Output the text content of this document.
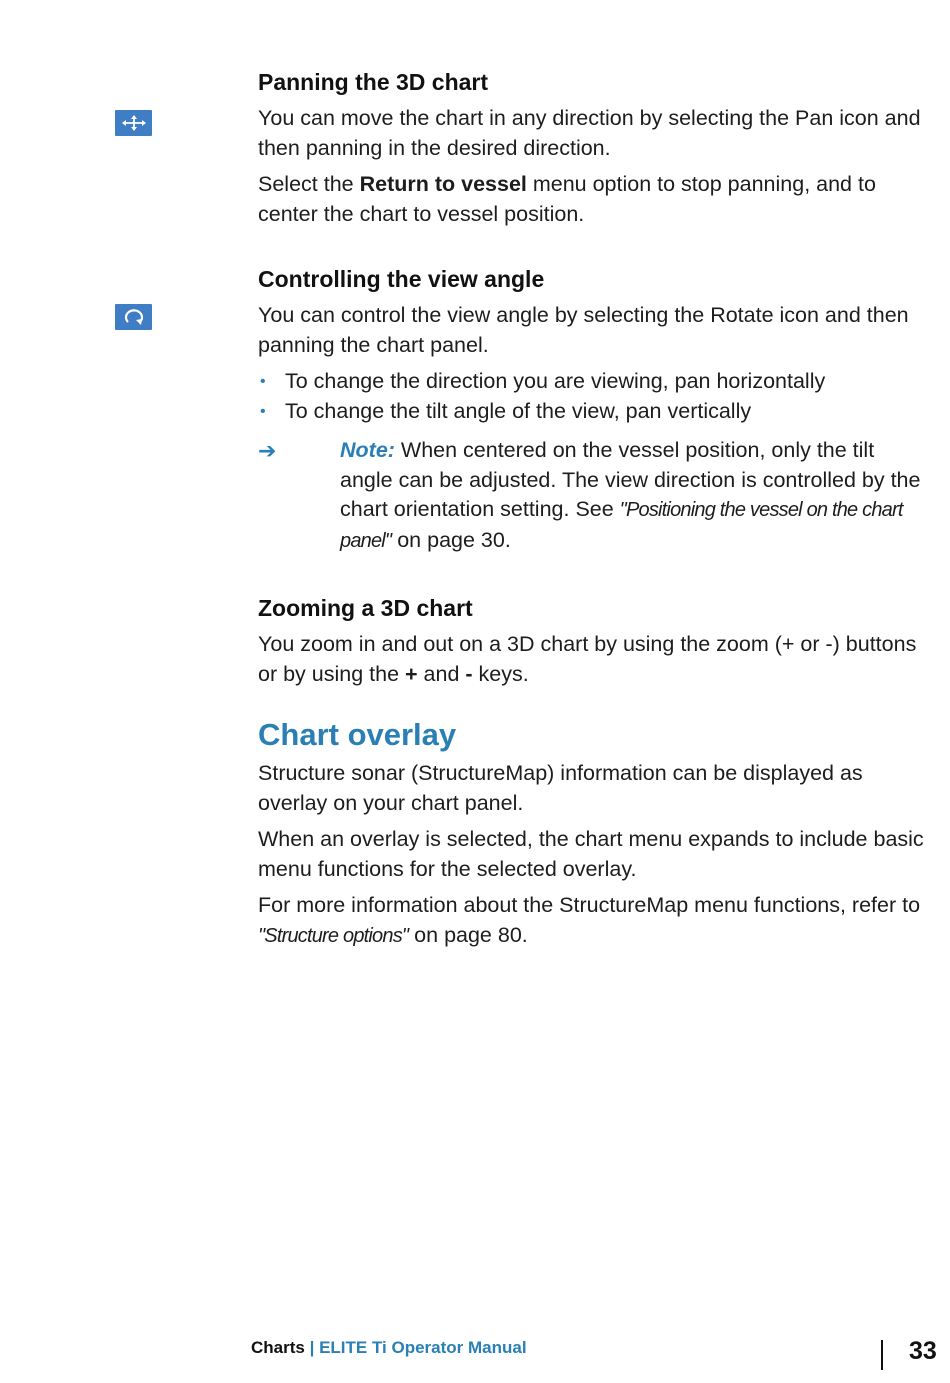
Panning the 3D chart

You can move the chart in any direction by selecting the Pan icon and then panning in the desired direction.

Select the Return to vessel menu option to stop panning, and to center the chart to vessel position.

Controlling the view angle

You can control the view angle by selecting the Rotate icon and then panning the chart panel.

• To change the direction you are viewing, pan horizontally
• To change the tilt angle of the view, pan vertically
➔	Note: When centered on the vessel position, only the tilt angle can be adjusted. The view direction is controlled by the chart orientation setting. See "Positioning the vessel on the chart panel" on page 30.

Zooming a 3D chart

You zoom in and out on a 3D chart by using the zoom (+ or -) buttons or by using the + and - keys.

Chart overlay

Structure sonar (StructureMap) information can be displayed as overlay on your chart panel.

When an overlay is selected, the chart menu expands to include basic menu functions for the selected overlay.

For more information about the StructureMap menu functions, refer to "Structure options" on page 80.

Charts | ELITE Ti Operator Manual	33
